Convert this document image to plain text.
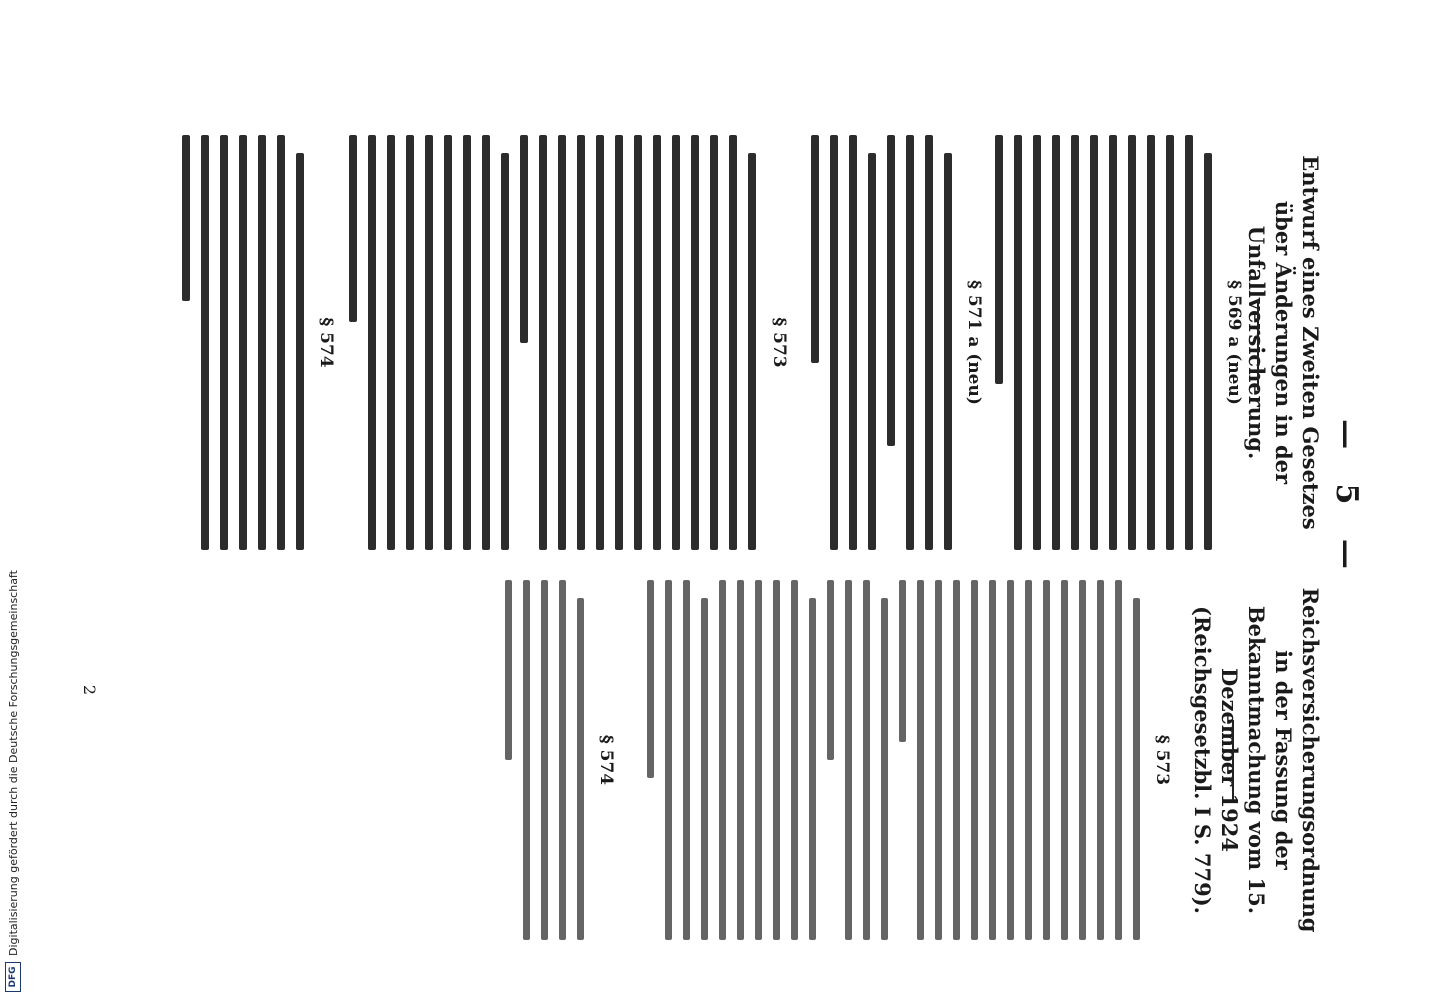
— 5 —
Entwurf eines Zweiten Gesetzes über Änderungen in der Unfallversicherung.
§ 569 a (neu)
§ 571 a (neu)
§ 573
§ 574
Reichsversicherungsordnung in der Fassung der
Bekanntmachung vom 15. Dezember 1924
(Reichsgesetzbl. I S. 779).
§ 573
§ 574
2
DFG
Digitalisierung gefördert durch die Deutsche Forschungsgemeinschaft
